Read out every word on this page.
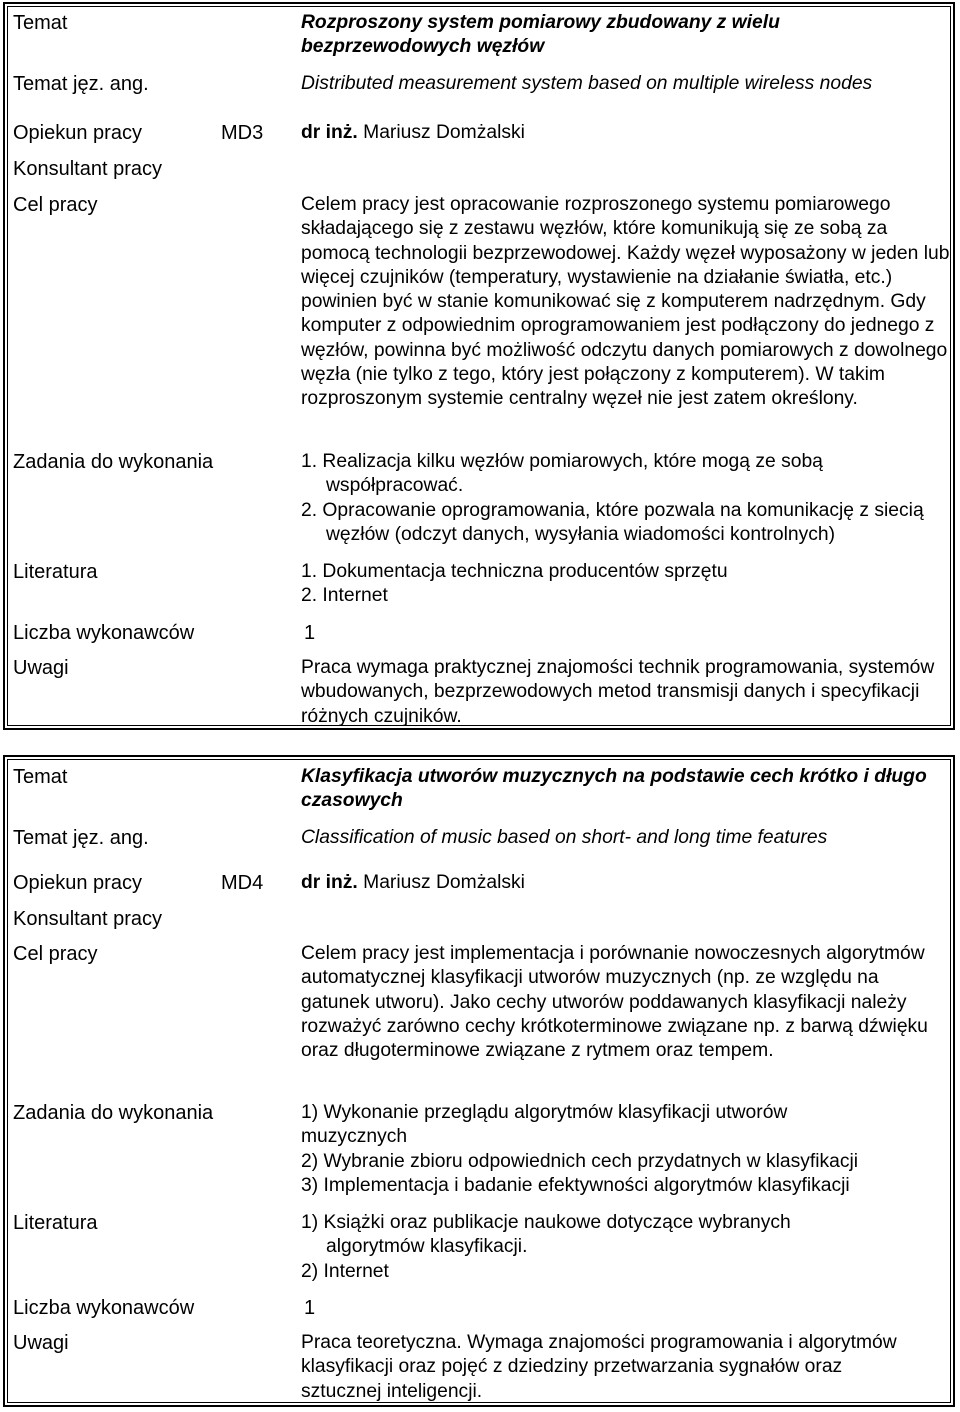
Temat	Rozproszony system pomiarowy zbudowany z wielu bezprzewodowych węzłów
Temat jęz. ang.	Distributed measurement system based on multiple wireless nodes
Opiekun pracy	MD3 dr inż. Mariusz Domżalski
Konsultant pracy
Cel pracy	Celem pracy jest opracowanie rozproszonego systemu pomiarowego składającego się z zestawu węzłów, które komunikują się ze sobą za pomocą technologii bezprzewodowej. Każdy węzeł wyposażony w jeden lub więcej czujników (temperatury, wystawienie na działanie światła, etc.) powinien być w stanie komunikować się z komputerem nadrzędnym. Gdy komputer z odpowiednim oprogramowaniem jest podłączony do jednego z węzłów, powinna być możliwość odczytu danych pomiarowych z dowolnego węzła (nie tylko z tego, który jest połączony z komputerem). W takim rozproszonym systemie centralny węzeł nie jest zatem określony.
Zadania do wykonania	1. Realizacja kilku węzłów pomiarowych, które mogą ze sobą współpracować.
2. Opracowanie oprogramowania, które pozwala na komunikację z siecią węzłów (odczyt danych, wysyłania wiadomości kontrolnych)
Literatura	1. Dokumentacja techniczna producentów sprzętu
2. Internet
Liczba wykonawców	1
Uwagi	Praca wymaga praktycznej znajomości technik programowania, systemów wbudowanych, bezprzewodowych metod transmisji danych i specyfikacji różnych czujników.
Temat	Klasyfikacja utworów muzycznych na podstawie cech krótko i długo czasowych
Temat jęz. ang.	Classification of music based on short- and long time features
Opiekun pracy	MD4 dr inż. Mariusz Domżalski
Konsultant pracy
Cel pracy	Celem pracy jest implementacja i porównanie nowoczesnych algorytmów automatycznej klasyfikacji utworów muzycznych (np. ze względu na gatunek utworu). Jako cechy utworów poddawanych klasyfikacji należy rozważyć zarówno cechy krótkoterminowe związane np. z barwą dźwięku oraz długoterminowe związane z rytmem oraz tempem.
Zadania do wykonania	1) Wykonanie przeglądu algorytmów klasyfikacji utworów muzycznych
2) Wybranie zbioru odpowiednich cech przydatnych w klasyfikacji
3) Implementacja i badanie efektywności algorytmów klasyfikacji
Literatura	1) Książki oraz publikacje naukowe dotyczące wybranych algorytmów klasyfikacji.
2) Internet
Liczba wykonawców	1
Uwagi	Praca teoretyczna. Wymaga znajomości programowania i algorytmów klasyfikacji oraz pojęć z dziedziny przetwarzania sygnałów oraz sztucznej inteligencji.
